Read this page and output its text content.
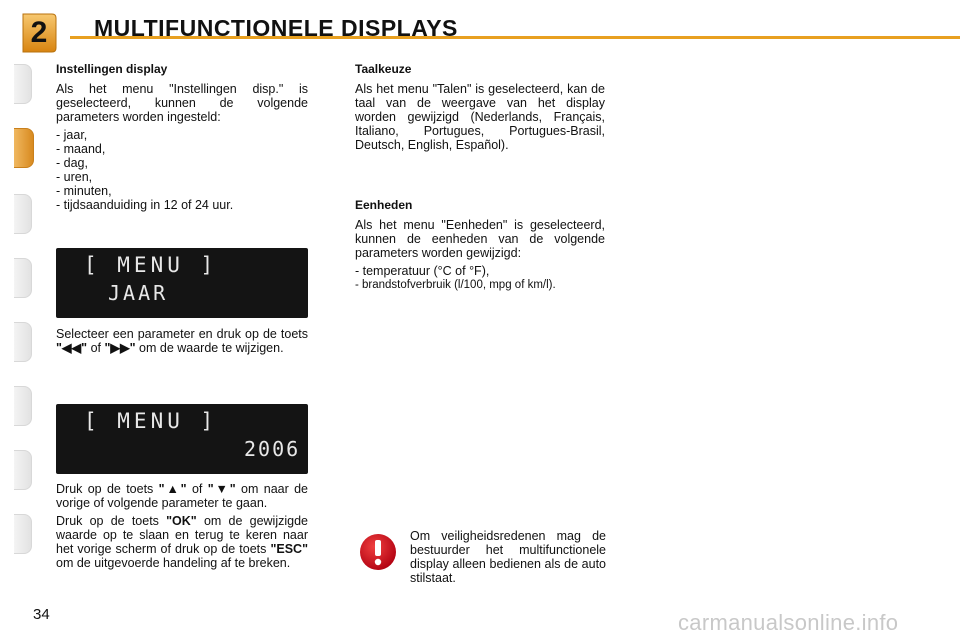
2	MULTIFUNCTIONELE DISPLAYS
Instellingen display
Als het menu "Instellingen disp." is geselecteerd, kunnen de volgende parameters worden ingesteld:
- jaar,
- maand,
- dag,
- uren,
- minuten,
- tijdsaanduiding in 12 of 24 uur.
[ MENU ]
JAAR
Selecteer een parameter en druk op de toets "◀◀" of "▶▶" om de waarde te wijzigen.
[ MENU ]
2006
Druk op de toets "▲" of "▼" om naar de vorige of volgende parameter te gaan.
Druk op de toets "OK" om de gewijzigde waarde op te slaan en terug te keren naar het vorige scherm of druk op de toets "ESC" om de uitgevoerde handeling af te breken.
Taalkeuze
Als het menu "Talen" is geselecteerd, kan de taal van de weergave van het display worden gewijzigd (Nederlands, Français, Italiano, Portugues, Portugues-Brasil, Deutsch, English, Español).
Eenheden
Als het menu "Eenheden" is geselecteerd, kunnen de eenheden van de volgende parameters worden gewijzigd:
- temperatuur (°C of °F),
- brandstofverbruik (l/100, mpg of km/l).
Om veiligheidsredenen mag de bestuurder het multifunctionele display alleen bedienen als de auto stilstaat.
34	carmanualsonline.info
